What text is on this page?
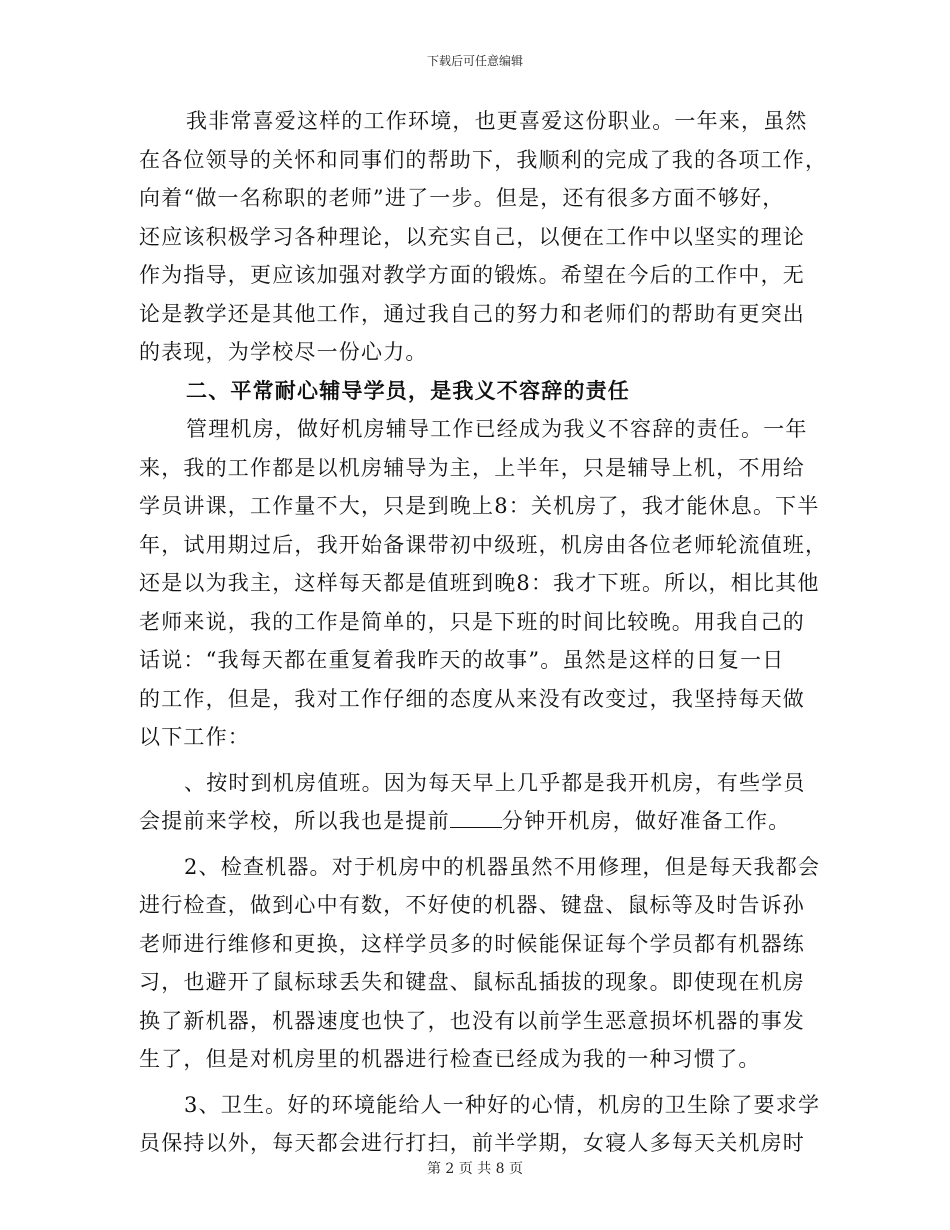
下载后可任意编辑
我非常喜爱这样的工作环境，也更喜爱这份职业。一年来，虽然
在各位领导的关怀和同事们的帮助下，我顺利的完成了我的各项工作，
向着“做一名称职的老师”进了一步。但是，还有很多方面不够好，
还应该积极学习各种理论，以充实自己，以便在工作中以坚实的理论
作为指导，更应该加强对教学方面的锻炼。希望在今后的工作中，无
论是教学还是其他工作，通过我自己的努力和老师们的帮助有更突出
的表现，为学校尽一份心力。
二、平常耐心辅导学员，是我义不容辞的责任
管理机房，做好机房辅导工作已经成为我义不容辞的责任。一年
来，我的工作都是以机房辅导为主，上半年，只是辅导上机，不用给
学员讲课，工作量不大，只是到晚上8：关机房了，我才能休息。下半
年，试用期过后，我开始备课带初中级班，机房由各位老师轮流值班，
还是以为我主，这样每天都是值班到晚8：我才下班。所以，相比其他
老师来说，我的工作是简单的，只是下班的时间比较晚。用我自己的
话说：“我每天都在重复着我昨天的故事”。虽然是这样的日复一日
的工作，但是，我对工作仔细的态度从来没有改变过，我坚持每天做
以下工作：
、按时到机房值班。因为每天早上几乎都是我开机房，有些学员
会提前来学校，所以我也是提前 分钟开机房，做好准备工作。
2、检查机器。对于机房中的机器虽然不用修理，但是每天我都会
进行检查，做到心中有数，不好使的机器、键盘、鼠标等及时告诉孙
老师进行维修和更换，这样学员多的时候能保证每个学员都有机器练
习，也避开了鼠标球丢失和键盘、鼠标乱插拔的现象。即使现在机房
换了新机器，机器速度也快了，也没有以前学生恶意损坏机器的事发
生了，但是对机房里的机器进行检查已经成为我的一种习惯了。
3、卫生。好的环境能给人一种好的心情，机房的卫生除了要求学
员保持以外，每天都会进行打扫，前半学期，女寝人多每天关机房时
第 2 页 共 8 页
